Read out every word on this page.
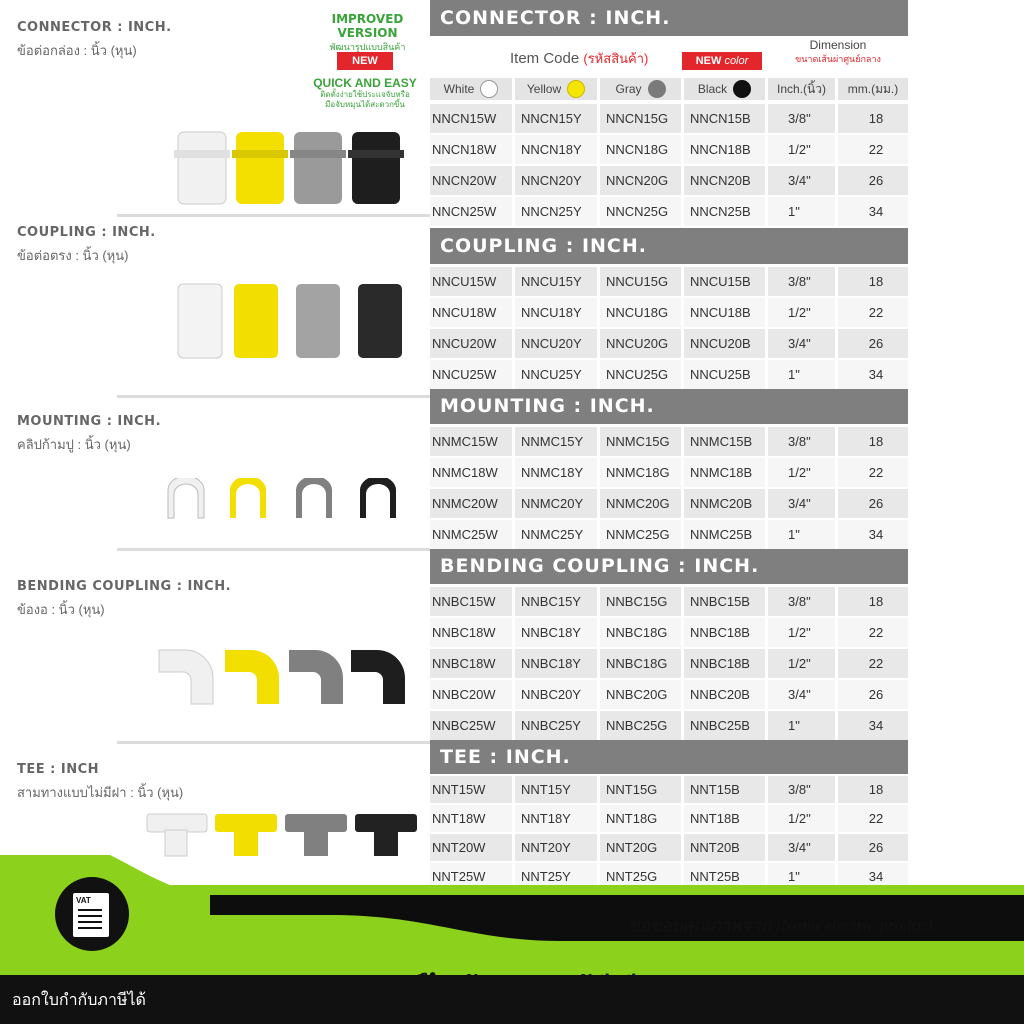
IMPROVED VERSION
พัฒนารูปแบบสินค้า
NEW
QUICK AND EASY
ติดตั้งง่ายใช้ประแจจับหรือ
มือจับหมุนได้สะดวกขึ้น
CONNECTOR : INCH.
ข้อต่อกล่อง : นิ้ว (หุน)
COUPLING : INCH.
ข้อต่อตรง : นิ้ว (หุน)
MOUNTING : INCH.
คลิปก้ามปู : นิ้ว (หุน)
BENDING COUPLING : INCH.
ข้องอ : นิ้ว (หุน)
TEE : INCH
สามทางแบบไม่มีฝา : นิ้ว (หุน)
CONNECTOR : INCH.
Item Code (รหัสสินค้า)	NEW color
Dimension
ขนาดเส้นผ่าศูนย์กลาง
White	Yellow	Gray	Black	Inch.(นิ้ว)	mm.(มม.)
COUPLING : INCH.
MOUNTING : INCH.
BENDING COUPLING : INCH.
TEE : INCH.
NNCN15W	NNCN15Y	NNCN15G	NNCN15B	3/8"	18
NNCN18W	NNCN18Y	NNCN18G	NNCN18B	1/2"	22
NNCN20W	NNCN20Y	NNCN20G	NNCN20B	3/4"	26
NNCN25W	NNCN25Y	NNCN25G	NNCN25B	1"	34
NNCU15W	NNCU15Y	NNCU15G	NNCU15B	3/8"	18
NNCU18W	NNCU18Y	NNCU18G	NNCU18B	1/2"	22
NNCU20W	NNCU20Y	NNCU20G	NNCU20B	3/4"	26
NNCU25W	NNCU25Y	NNCU25G	NNCU25B	1"	34
NNMC15W	NNMC15Y	NNMC15G	NNMC15B	3/8"	18
NNMC18W	NNMC18Y	NNMC18G	NNMC18B	1/2"	22
NNMC20W	NNMC20Y	NNMC20G	NNMC20B	3/4"	26
NNMC25W	NNMC25Y	NNMC25G	NNMC25B	1"	34
NNBC15W	NNBC15Y	NNBC15G	NNBC15B	3/8"	18
NNBC18W	NNBC18Y	NNBC18G	NNBC18B	1/2"	22
NNBC18W	NNBC18Y	NNBC18G	NNBC18B	1/2"	22
NNBC20W	NNBC20Y	NNBC20G	NNBC20B	3/4"	26
NNBC25W	NNBC25Y	NNBC25G	NNBC25B	1"	34
NNT15W	NNT15Y	NNT15G	NNT15B	3/8"	18
NNT18W	NNT18Y	NNT18G	NNT18B	1/2"	22
NNT20W	NNT20Y	NNT20G	NNT20B	3/4"	26
NNT25W	NNT25Y	NNT25G	NNT25B	1"	34
VAT
ขอขอบคุณภาพจาก :Nano electric product
อุปกรณ์ไฟฟ้า ของแท้ดี มีคุณภาพ
ออกใบกำกับภาษีได้
